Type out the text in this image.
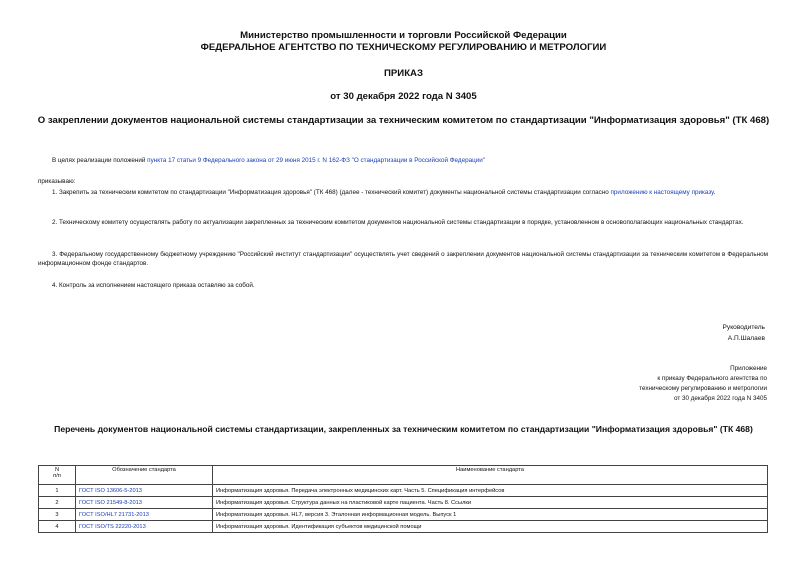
Министерство промышленности и торговли Российской Федерации
ФЕДЕРАЛЬНОЕ АГЕНТСТВО ПО ТЕХНИЧЕСКОМУ РЕГУЛИРОВАНИЮ И МЕТРОЛОГИИ
ПРИКАЗ
от 30 декабря 2022 года N 3405
О закреплении документов национальной системы стандартизации за техническим комитетом по стандартизации "Информатизация здоровья" (ТК 468)
В целях реализации положений пункта 17 статьи 9 Федерального закона от 29 июня 2015 г. N 162-ФЗ "О стандартизации в Российской Федерации"
приказываю:
1. Закрепить за техническим комитетом по стандартизации "Информатизация здоровья" (ТК 468) (далее - технический комитет) документы национальной системы стандартизации согласно приложению к настоящему приказу.
2. Техническому комитету осуществлять работу по актуализации закрепленных за техническим комитетом документов национальной системы стандартизации в порядке, установленном в основополагающих национальных стандартах.
3. Федеральному государственному бюджетному учреждению "Российский институт стандартизации" осуществлять учет сведений о закреплении документов национальной системы стандартизации за техническим комитетом в Федеральном информационном фонде стандартов.
4. Контроль за исполнением настоящего приказа оставляю за собой.
Руководитель
А.П.Шалаев
Приложение
к приказу Федерального агентства по
техническому регулированию и метрологии
от 30 декабря 2022 года N 3405
Перечень документов национальной системы стандартизации, закрепленных за техническим комитетом по стандартизации "Информатизация здоровья" (ТК 468)
N
п/п	Обозначение стандарта	Наименование стандарта
1	ГОСТ ISO 13606-5-2013	Информатизация здоровья. Передача электронных медицинских карт. Часть 5. Спецификация интерфейсов
2	ГОСТ ISO 21549-8-2013	Информатизация здоровья. Структура данных на пластиковой карте пациента. Часть 8. Ссылки
3	ГОСТ ISO/HL7 21731-2013	Информатизация здоровья. HL7, версия 3. Эталонная информационная модель. Выпуск 1
4	ГОСТ ISO/TS 22220-2013	Информатизация здоровья. Идентификация субъектов медицинской помощи
